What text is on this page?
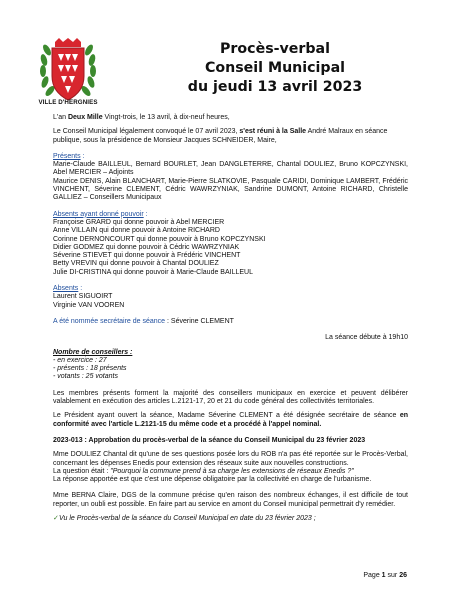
VILLE D'HERGNIES
Procès-verbal
Conseil Municipal
du jeudi 13 avril 2023

L'an Deux Mille Vingt-trois, le 13 avril, à dix-neuf heures,

Le Conseil Municipal légalement convoqué le 07 avril 2023, s'est réuni à la Salle André Malraux en séance publique, sous la présidence de Monsieur Jacques SCHNEIDER, Maire,

Présents :

Marie-Claude BAILLEUL, Bernard BOURLET, Jean DANGLETERRE, Chantal DOULIEZ, Bruno KOPCZYNSKI, Abel MERCIER – Adjoints

Maurice DENIS, Alain BLANCHART, Marie-Pierre SLATKOVIE, Pasquale CARIDI, Dominique LAMBERT, Frédéric VINCHENT, Séverine CLEMENT, Cédric WAWRZYNIAK, Sandrine DUMONT, Antoine RICHARD, Christelle GALLIEZ – Conseillers Municipaux

Absents ayant donné pouvoir :

Françoise GRARD qui donne pouvoir à Abel MERCIER

Anne VILLAIN qui donne pouvoir à Antoine RICHARD

Corinne DERNONCOURT qui donne pouvoir à Bruno KOPCZYNSKI

Didier GODMEZ qui donne pouvoir à Cédric WAWRZYNIAK

Séverine STIEVET qui donne pouvoir à Frédéric VINCHENT

Betty VREVIN qui donne pouvoir à Chantal DOULIEZ

Julie DI-CRISTINA qui donne pouvoir à Marie-Claude BAILLEUL

Absents :

Laurent SIGUOIRT

Virginie VAN VOOREN

A été nommée secrétaire de séance : Séverine CLEMENT

La séance débute à 19h10

Nombre de conseillers :

- en exercice : 27

- présents : 18 présents

- votants : 25 votants

Les membres présents forment la majorité des conseillers municipaux en exercice et peuvent délibérer valablement en exécution des articles L.2121-17, 20 et 21 du code général des collectivités territoriales.

Le Président ayant ouvert la séance, Madame Séverine CLEMENT a été désignée secrétaire de séance en conformité avec l'article L.2121-15 du même code et a procédé à l'appel nominal.

2023-013 : Approbation du procès-verbal de la séance du Conseil Municipal du 23 février 2023

Mme DOULIEZ Chantal dit qu'une de ses questions posée lors du ROB n'a pas été reportée sur le Procès-Verbal, concernant les dépenses Enedis pour extension des réseaux suite aux nouvelles constructions.

La question était : "Pourquoi la commune prend à sa charge les extensions de réseaux Enedis ?"

La réponse apportée est que c'est une dépense obligatoire par la collectivité en charge de l'urbanisme.

Mme BERNA Claire, DGS de la commune précise qu'en raison des nombreux échanges, il est difficile de tout reporter, un oubli est possible. En faire part au service en amont du Conseil municipal permettrait d'y remédier.

✓Vu le Procès-verbal de la séance du Conseil Municipal en date du 23 février 2023 ;

Page 1 sur 26
